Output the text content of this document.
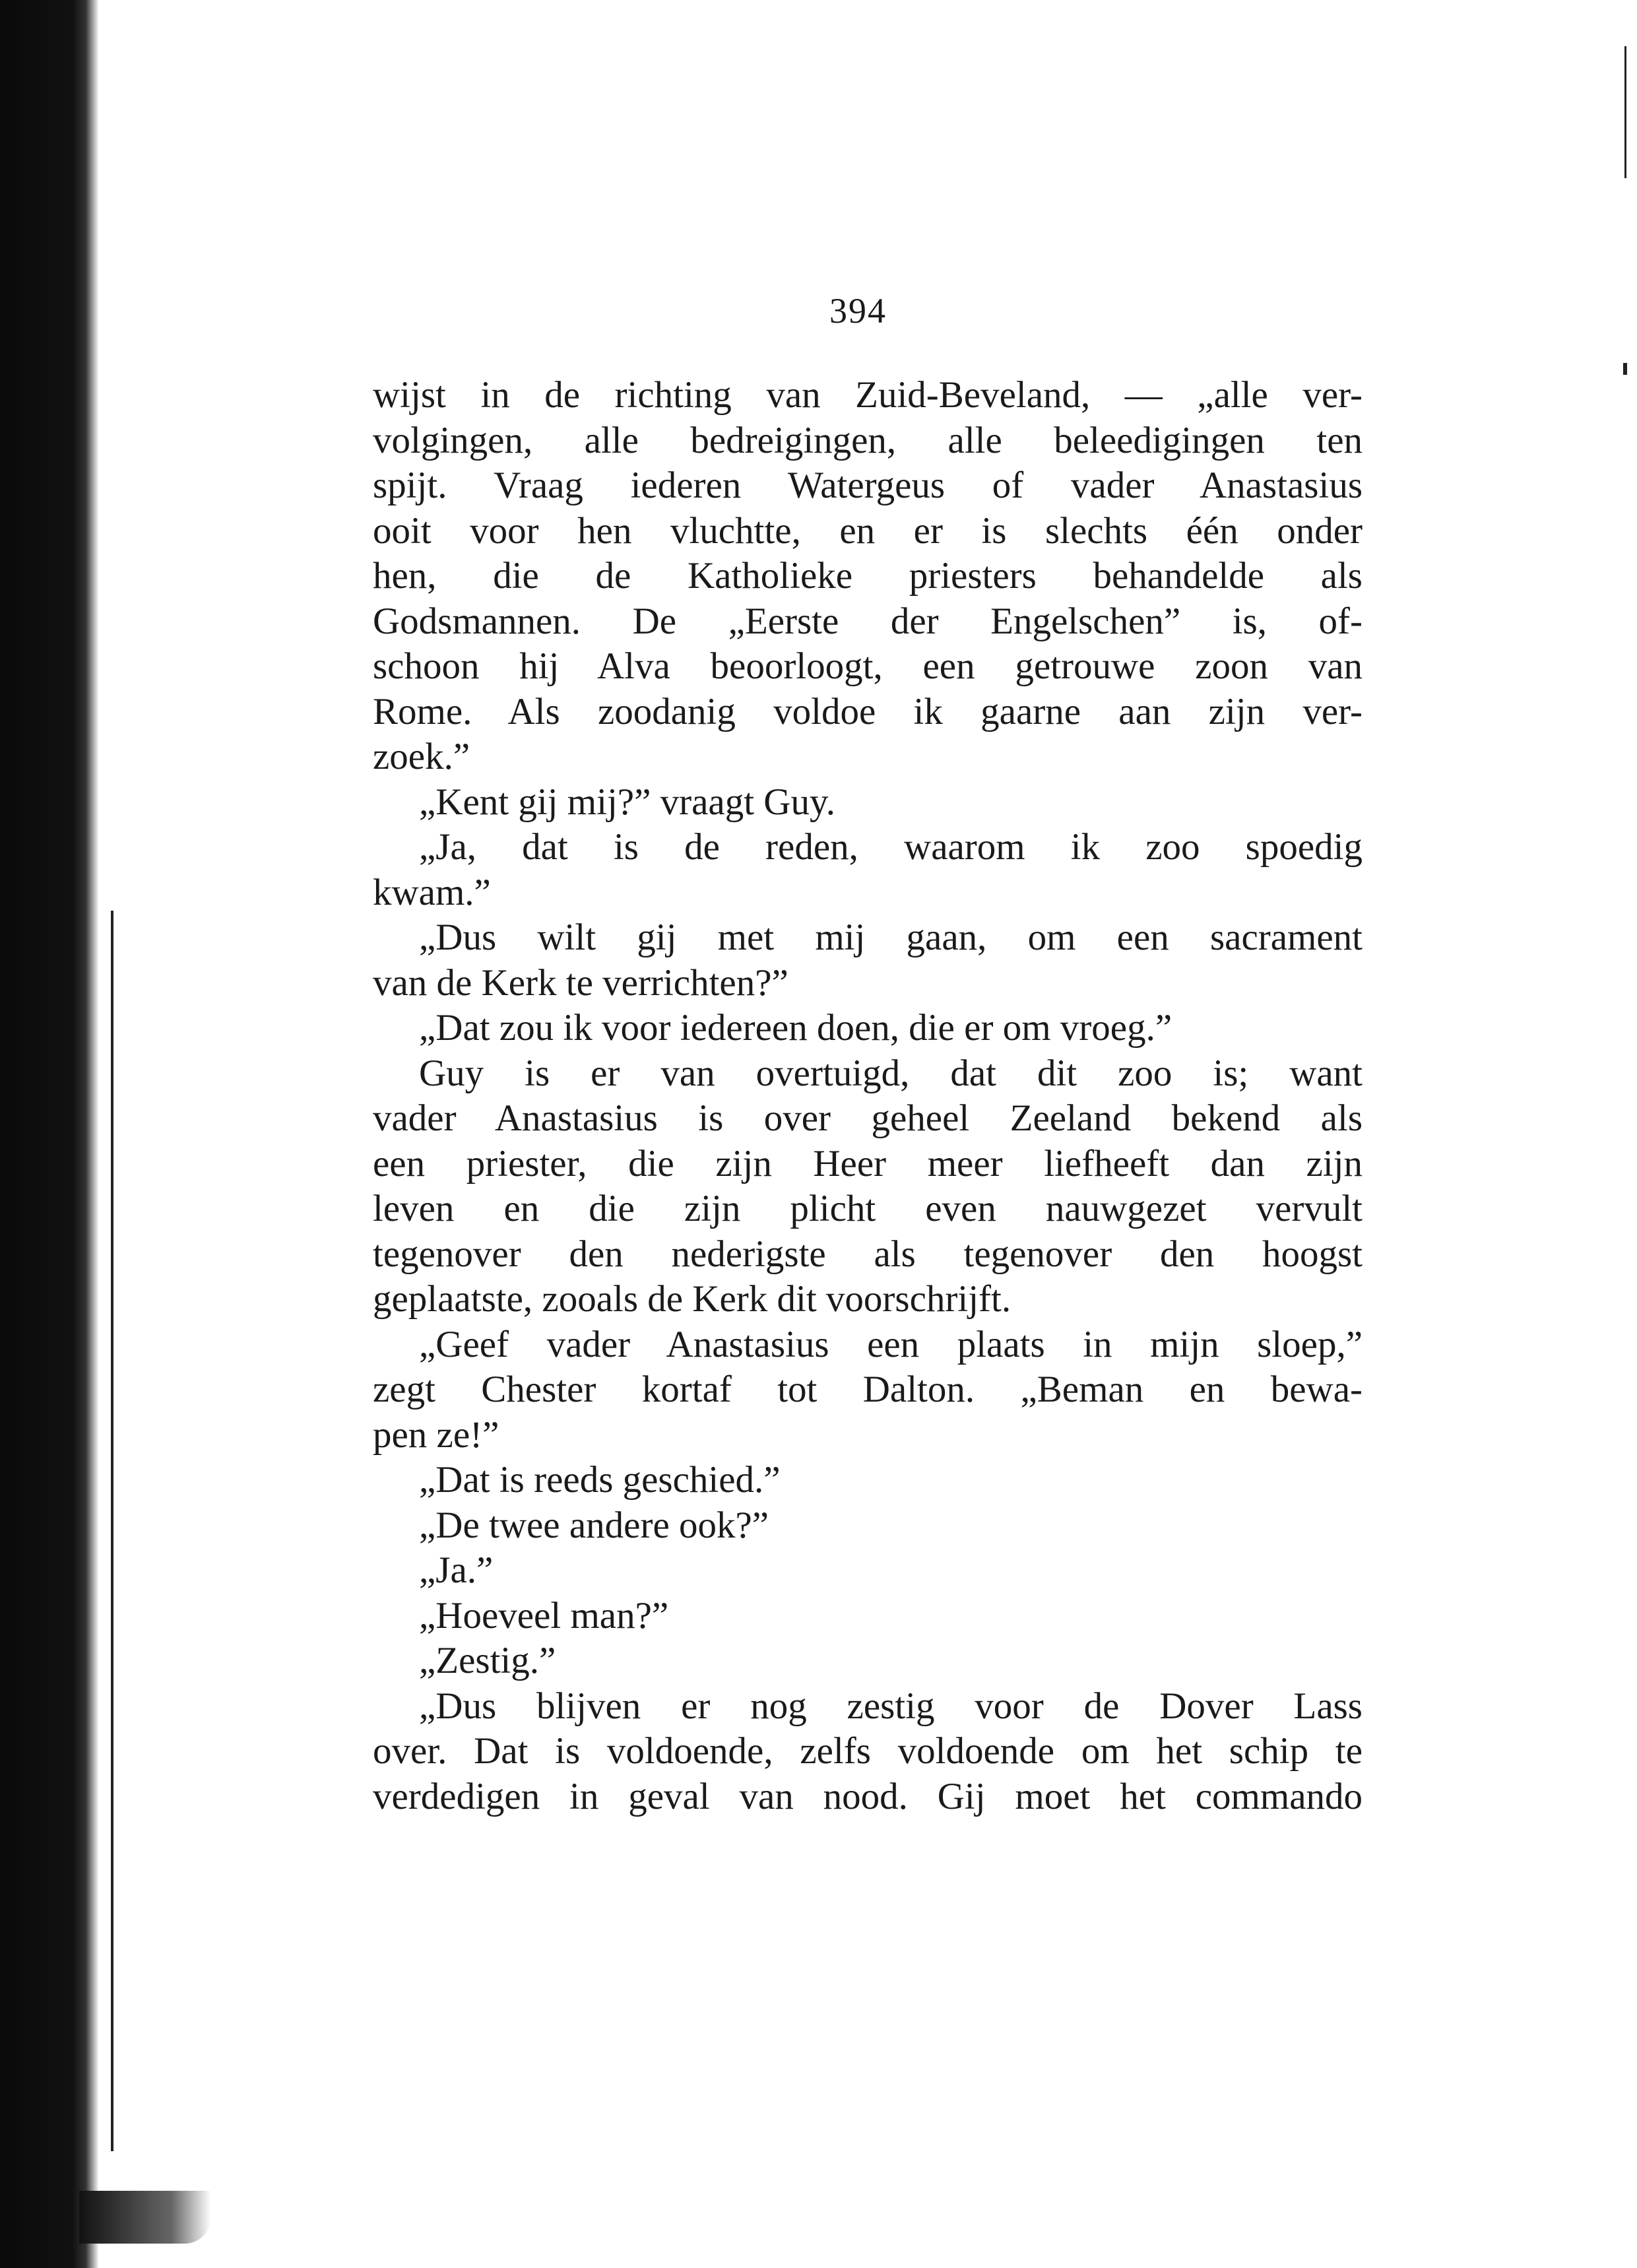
394
wijst in de richting van Zuid-Beveland, — „alle ver-
volgingen, alle bedreigingen, alle beleedigingen ten
spijt. Vraag iederen Watergeus of vader Anastasius
ooit voor hen vluchtte, en er is slechts één onder
hen, die de Katholieke priesters behandelde als
Godsmannen. De „Eerste der Engelschen” is, of-
schoon hij Alva beoorloogt, een getrouwe zoon van
Rome. Als zoodanig voldoe ik gaarne aan zijn ver-
zoek.”
„Kent gij mij?” vraagt Guy.
„Ja, dat is de reden, waarom ik zoo spoedig
kwam.”
„Dus wilt gij met mij gaan, om een sacrament
van de Kerk te verrichten?”
„Dat zou ik voor iedereen doen, die er om vroeg.”
Guy is er van overtuigd, dat dit zoo is; want
vader Anastasius is over geheel Zeeland bekend als
een priester, die zijn Heer meer liefheeft dan zijn
leven en die zijn plicht even nauwgezet vervult
tegenover den nederigste als tegenover den hoogst
geplaatste, zooals de Kerk dit voorschrijft.
„Geef vader Anastasius een plaats in mijn sloep,”
zegt Chester kortaf tot Dalton. „Beman en bewa-
pen ze!”
„Dat is reeds geschied.”
„De twee andere ook?”
„Ja.”
„Hoeveel man?”
„Zestig.”
„Dus blijven er nog zestig voor de Dover Lass
over. Dat is voldoende, zelfs voldoende om het schip te
verdedigen in geval van nood. Gij moet het commando
